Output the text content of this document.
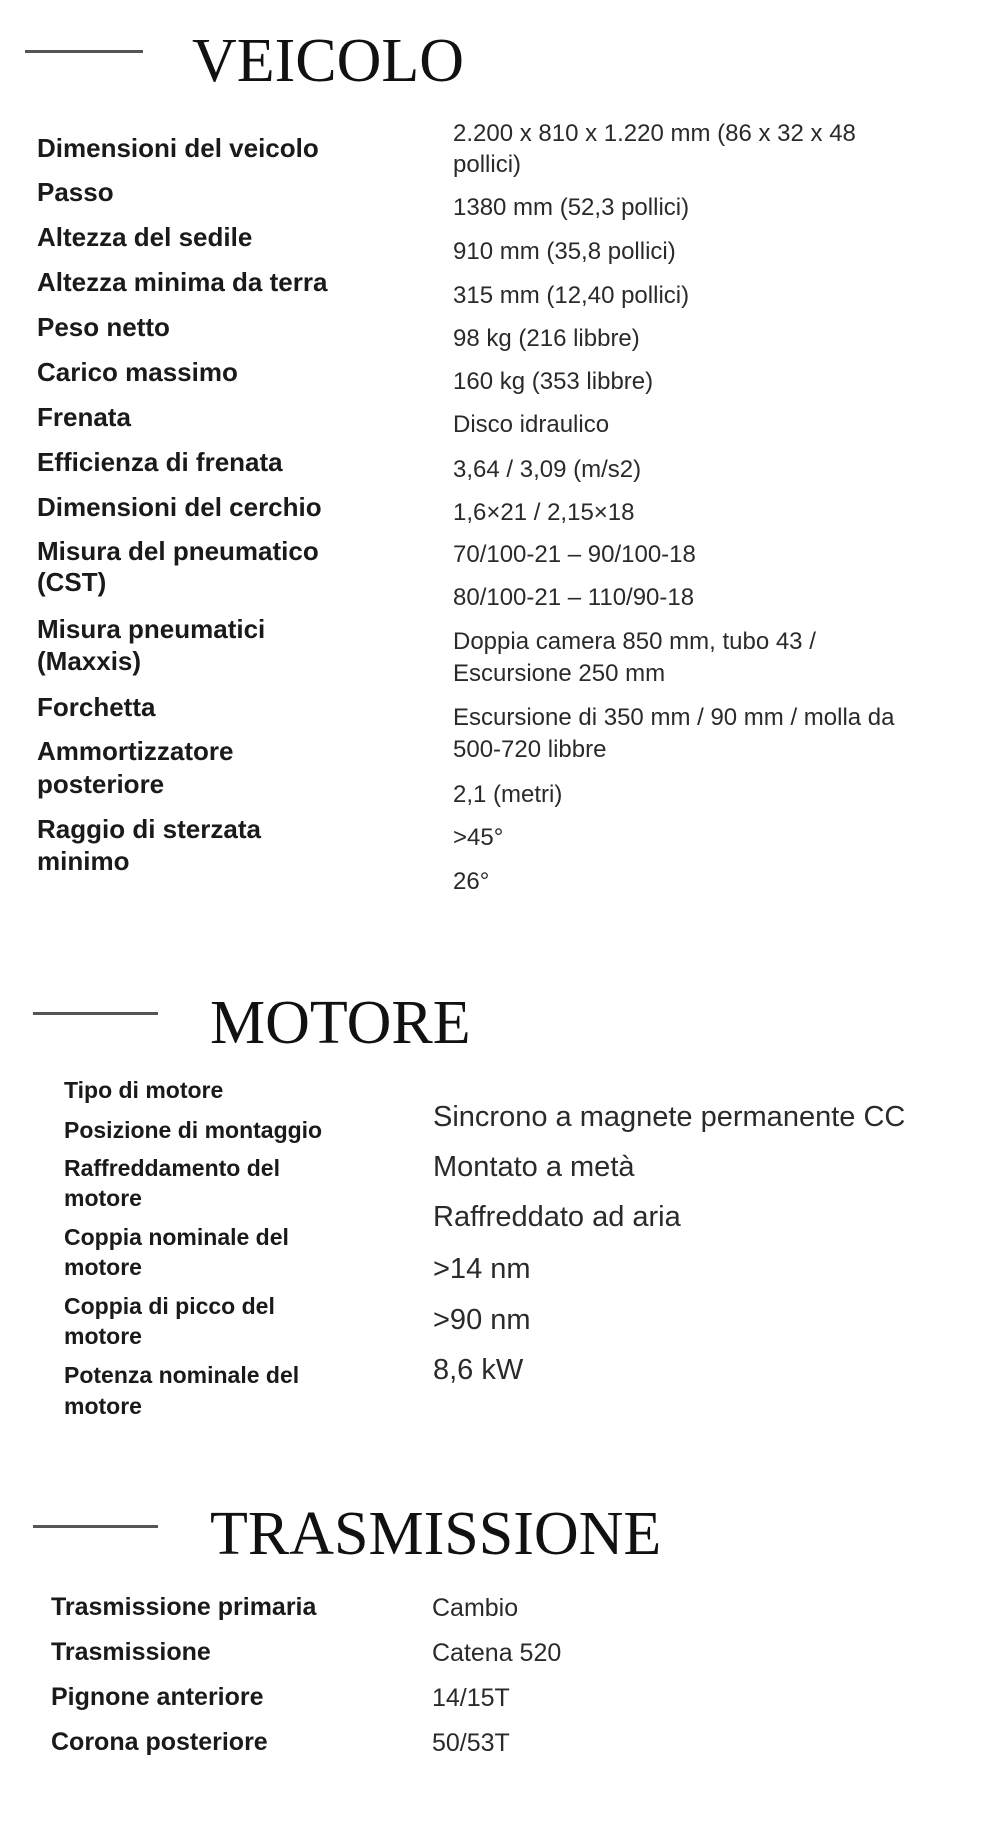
VEICOLO
Dimensioni del veicolo
Passo
Altezza del sedile
Altezza minima da terra
Peso netto
Carico massimo
Frenata
Efficienza di frenata
Dimensioni del cerchio
Misura del pneumatico
(CST)
Misura pneumatici
(Maxxis)
Forchetta
Ammortizzatore
posteriore
Raggio di sterzata
minimo
2.200 x 810 x 1.220 mm (86 x 32 x 48
pollici)
1380 mm (52,3 pollici)
910 mm (35,8 pollici)
315 mm (12,40 pollici)
98 kg (216 libbre)
160 kg (353 libbre)
Disco idraulico
3,64 / 3,09 (m/s2)
1,6×21 / 2,15×18
70/100-21 – 90/100-18
80/100-21 – 110/90-18
Doppia camera 850 mm, tubo 43 /
Escursione 250 mm
Escursione di 350 mm / 90 mm / molla da
500-720 libbre
2,1 (metri)
>45°
26°
MOTORE
Tipo di motore
Posizione di montaggio
Raffreddamento del
motore
Coppia nominale del
motore
Coppia di picco del
motore
Potenza nominale del
motore
Sincrono a magnete permanente CC
Montato a metà
Raffreddato ad aria
>14 nm
>90 nm
8,6 kW
TRASMISSIONE
Trasmissione primaria
Trasmissione
Pignone anteriore
Corona posteriore
Cambio
Catena 520
14/15T
50/53T
